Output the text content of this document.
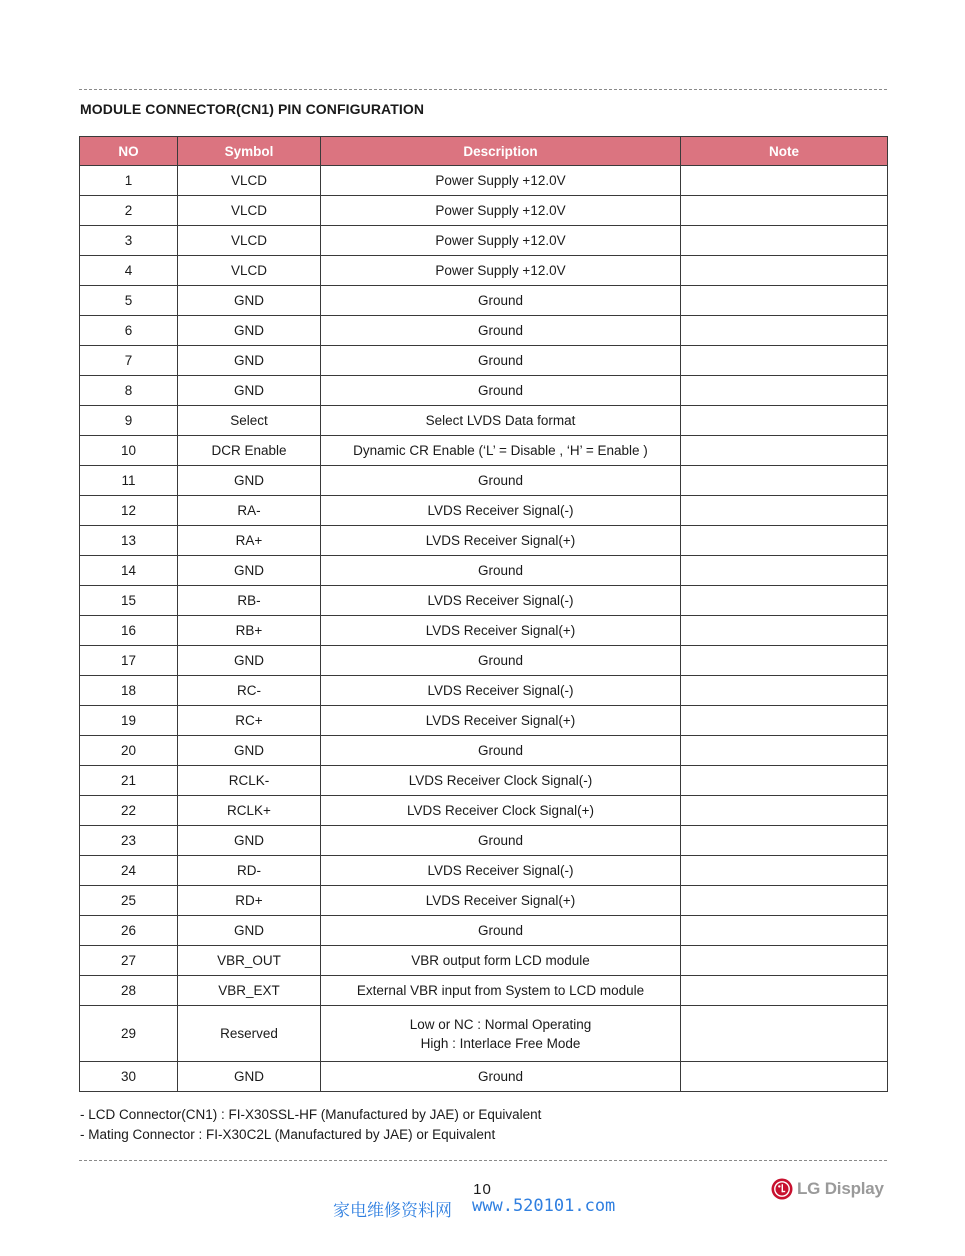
MODULE CONNECTOR(CN1) PIN CONFIGURATION
NO	Symbol	Description	Note
1	VLCD	Power Supply +12.0V	

2	VLCD	Power Supply +12.0V	

3	VLCD	Power Supply +12.0V	

4	VLCD	Power Supply +12.0V	

5	GND	Ground	

6	GND	Ground	

7	GND	Ground	

8	GND	Ground	

9	Select	Select LVDS Data format	

10	DCR Enable	Dynamic CR Enable (‘L’ = Disable , ‘H’ = Enable )	

11	GND	Ground	

12	RA-	LVDS Receiver Signal(-)	

13	RA+	LVDS Receiver Signal(+)	

14	GND	Ground	

15	RB-	LVDS Receiver Signal(-)	

16	RB+	LVDS Receiver Signal(+)	

17	GND	Ground	

18	RC-	LVDS Receiver Signal(-)	

19	RC+	LVDS Receiver Signal(+)	

20	GND	Ground	

21	RCLK-	LVDS Receiver Clock Signal(-)	

22	RCLK+	LVDS Receiver Clock Signal(+)	

23	GND	Ground	

24	RD-	LVDS Receiver Signal(-)	

25	RD+	LVDS Receiver Signal(+)	

26	GND	Ground	

27	VBR_OUT	VBR output form LCD module	

28	VBR_EXT	External VBR input from System to LCD module	

29	Reserved	Low or NC : Normal Operating
High : Interlace Free Mode	

30	GND	Ground	

- LCD Connector(CN1) : FI-X30SSL-HF (Manufactured by JAE) or Equivalent
- Mating Connector : FI-X30C2L (Manufactured by JAE) or Equivalent
10	LG Display
家电维修资料网 www.520101.com
